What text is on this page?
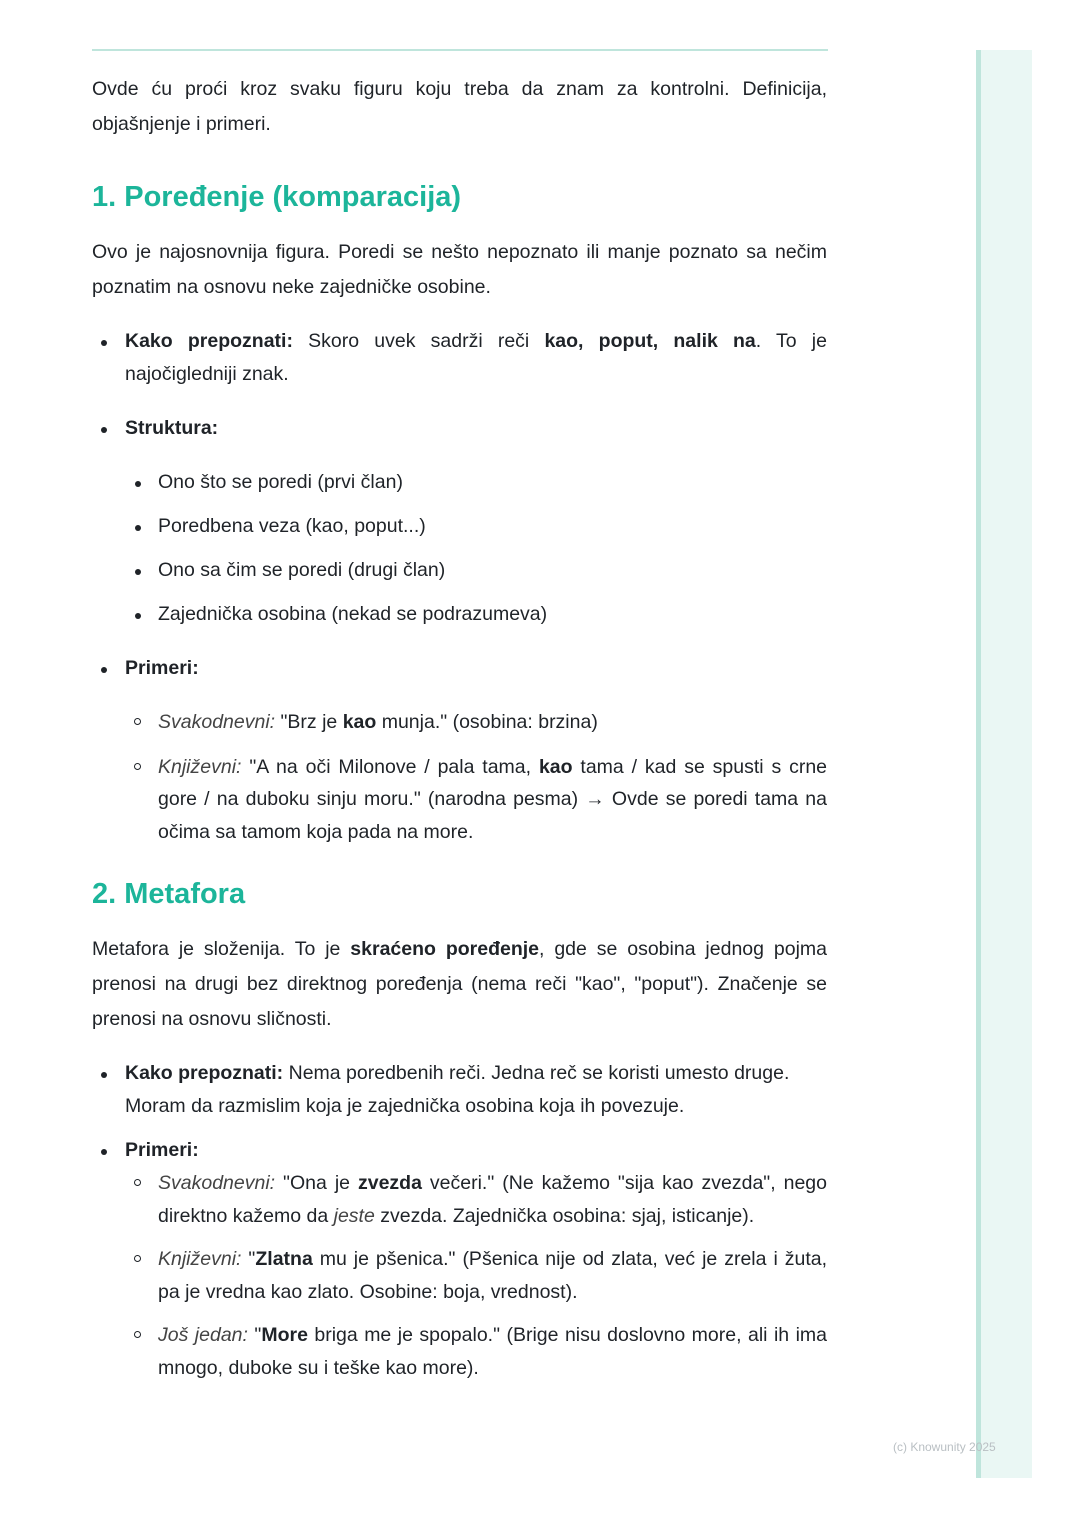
Ovde ću proći kroz svaku figuru koju treba da znam za kontrolni. Definicija, objašnjenje i primeri.

1. Poređenje (komparacija)

Ovo je najosnovnija figura. Poredi se nešto nepoznato ili manje poznato sa nečim poznatim na osnovu neke zajedničke osobine.

Kako prepoznati: Skoro uvek sadrži reči kao, poput, nalik na. To je najočigledniji znak.
Struktura:
Ono što se poredi (prvi član)
Poredbena veza (kao, poput...)
Ono sa čim se poredi (drugi član)
Zajednička osobina (nekad se podrazumeva)
Primeri:
Svakodnevni: "Brz je kao munja." (osobina: brzina)
Književni: "A na oči Milonove / pala tama, kao tama / kad se spusti s crne gore / na duboku sinju moru." (narodna pesma) → Ovde se poredi tama na očima sa tamom koja pada na more.
2. Metafora

Metafora je složenija. To je skraćeno poređenje, gde se osobina jednog pojma prenosi na drugi bez direktnog poređenja (nema reči "kao", "poput"). Značenje se prenosi na osnovu sličnosti.

Kako prepoznati: Nema poredbenih reči. Jedna reč se koristi umesto druge. Moram da razmislim koja je zajednička osobina koja ih povezuje.
Primeri:
Svakodnevni: "Ona je zvezda večeri." (Ne kažemo "sija kao zvezda", nego direktno kažemo da jeste zvezda. Zajednička osobina: sjaj, isticanje).
Književni: "Zlatna mu je pšenica." (Pšenica nije od zlata, već je zrela i žuta, pa je vredna kao zlato. Osobine: boja, vrednost).
Još jedan: "More briga me je spopalo." (Brige nisu doslovno more, ali ih ima mnogo, duboke su i teške kao more).
(c) Knowunity 2025
